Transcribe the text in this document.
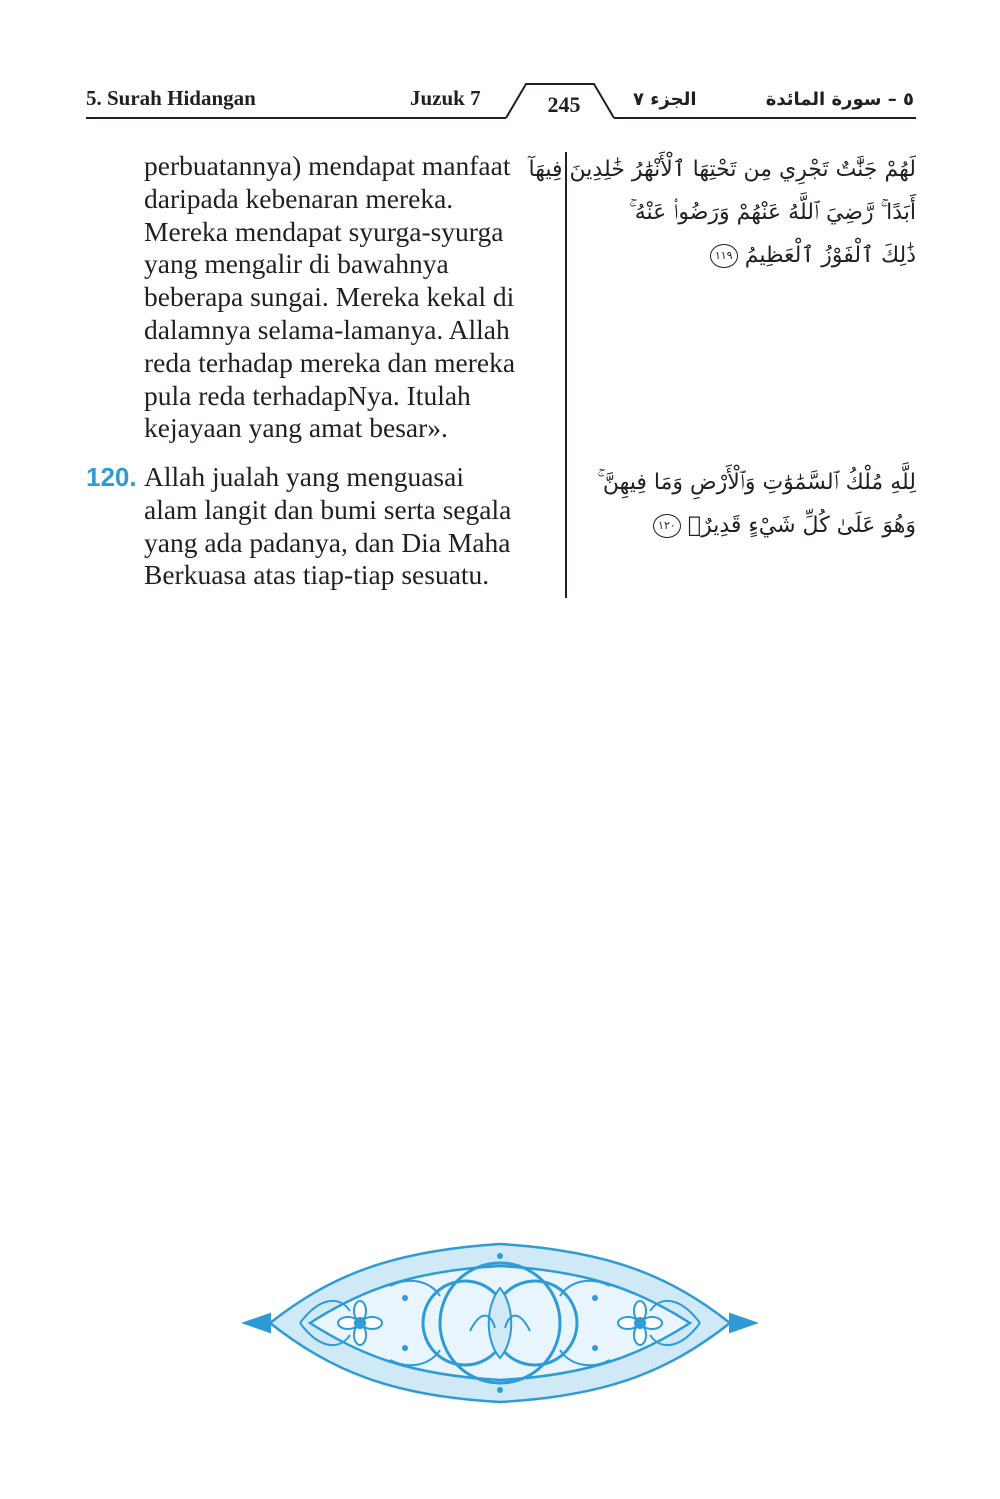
5. Surah Hidangan	Juzuk 7	245	الجزء ٧	٥ – سورة المائدة

perbuatannya) mendapat manfaat

daripada kebenaran mereka.

Mereka mendapat syurga-syurga

yang mengalir di bawahnya

beberapa sungai. Mereka kekal di

dalamnya selama-lamanya. Allah

reda terhadap mereka dan mereka

pula reda terhadapNya. Itulah

kejayaan yang amat besar».

لَهُمْ جَنَّٰتٌ تَجْرِي مِن تَحْتِهَا ٱلْأَنْهَٰرُ خَٰلِدِينَ فِيهَآ
أَبَدًا ۚ رَّضِيَ ٱللَّهُ عَنْهُمْ وَرَضُوا۟ عَنْهُ ۚ
ذَٰلِكَ ٱلْفَوْزُ ٱلْعَظِيمُ ١١٩
120. Allah jualah yang menguasai

alam langit dan bumi serta segala

yang ada padanya, dan Dia Maha

Berkuasa atas tiap-tiap sesuatu.

لِلَّهِ مُلْكُ ٱلسَّمَٰوَٰتِ وَٱلْأَرْضِ وَمَا فِيهِنَّ ۚ
وَهُوَ عَلَىٰ كُلِّ شَيْءٍ قَدِيرٌۢ ١٢٠
